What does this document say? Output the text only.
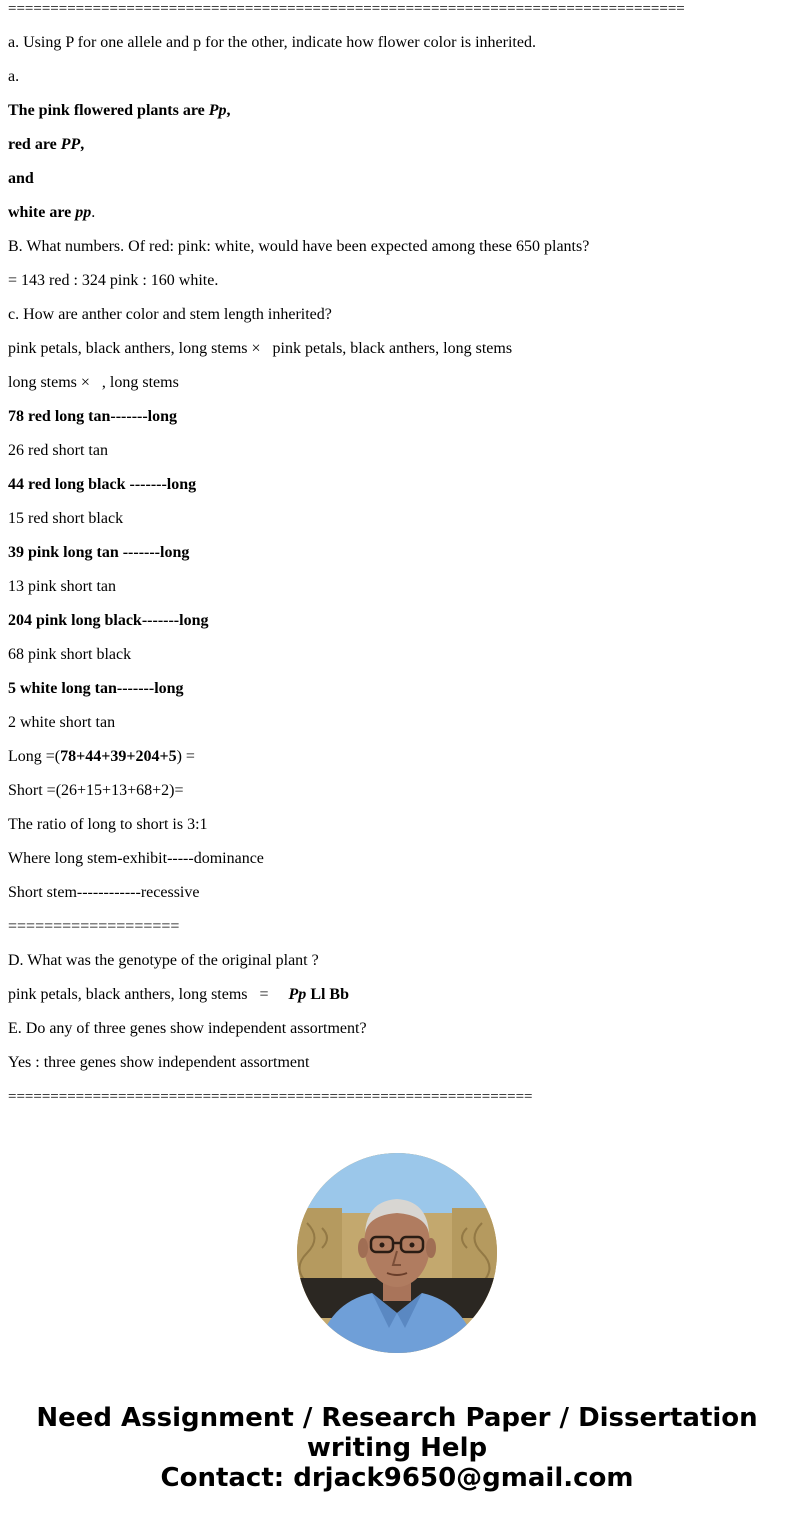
================================================================================

a. Using P for one allele and p for the other, indicate how flower color is inherited.

a.

The pink flowered plants are Pp,

red are PP,

and

white are pp.

B. What numbers. Of red: pink: white, would have been expected among these 650 plants?

= 143 red : 324 pink : 160 white.

c. How are anther color and stem length inherited?

pink petals, black anthers, long stems ×   pink petals, black anthers, long stems

long stems ×   , long stems

78 red long tan-------long

26 red short tan

44 red long black -------long

15 red short black

39 pink long tan -------long

13 pink short tan

204 pink long black-------long

68 pink short black

5 white long tan-------long

2 white short tan

Long =(78+44+39+204+5) =

Short =(26+15+13+68+2)=

The ratio of long to short is 3:1

Where long stem-exhibit-----dominance

Short stem------------recessive

===================

D. What was the genotype of the original plant ?

pink petals, black anthers, long stems   =     Pp Ll Bb

E. Do any of three genes show independent assortment?

Yes : three genes show independent assortment

==============================================================

Need Assignment / Research Paper / Dissertation
writing Help
Contact: drjack9650@gmail.com
